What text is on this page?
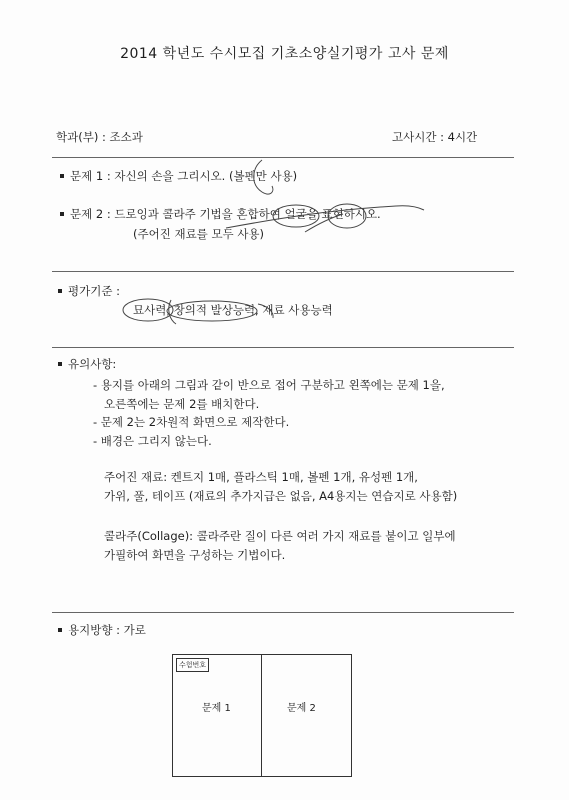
2014 학년도 수시모집 기초소양실기평가 고사 문제
학과(부) : 조소과	고사시간 : 4시간
문제 1 : 자신의 손을 그리시오. (볼펜만 사용)
문제 2 : 드로잉과 콜라주 기법을 혼합하여 얼굴을 표현하시오.
(주어진 재료를 모두 사용)
평가기준 :
묘사력, 창의적 발상능력, 재료 사용능력
유의사항:
- 용지를 아래의 그림과 같이 반으로 접어 구분하고 왼쪽에는 문제 1을,
오른쪽에는 문제 2를 배치한다.
- 문제 2는 2차원적 화면으로 제작한다.
- 배경은 그리지 않는다.
주어진 재료: 켄트지 1매, 플라스틱 1매, 볼펜 1개, 유성펜 1개,
가위, 풀, 테이프 (재료의 추가지급은 없음, A4용지는 연습지로 사용함)
콜라주(Collage): 콜라주란 질이 다른 여러 가지 재료를 붙이고 일부에
가필하여 화면을 구성하는 기법이다.
용지방향 : 가로
수험번호
문제 1	문제 2
